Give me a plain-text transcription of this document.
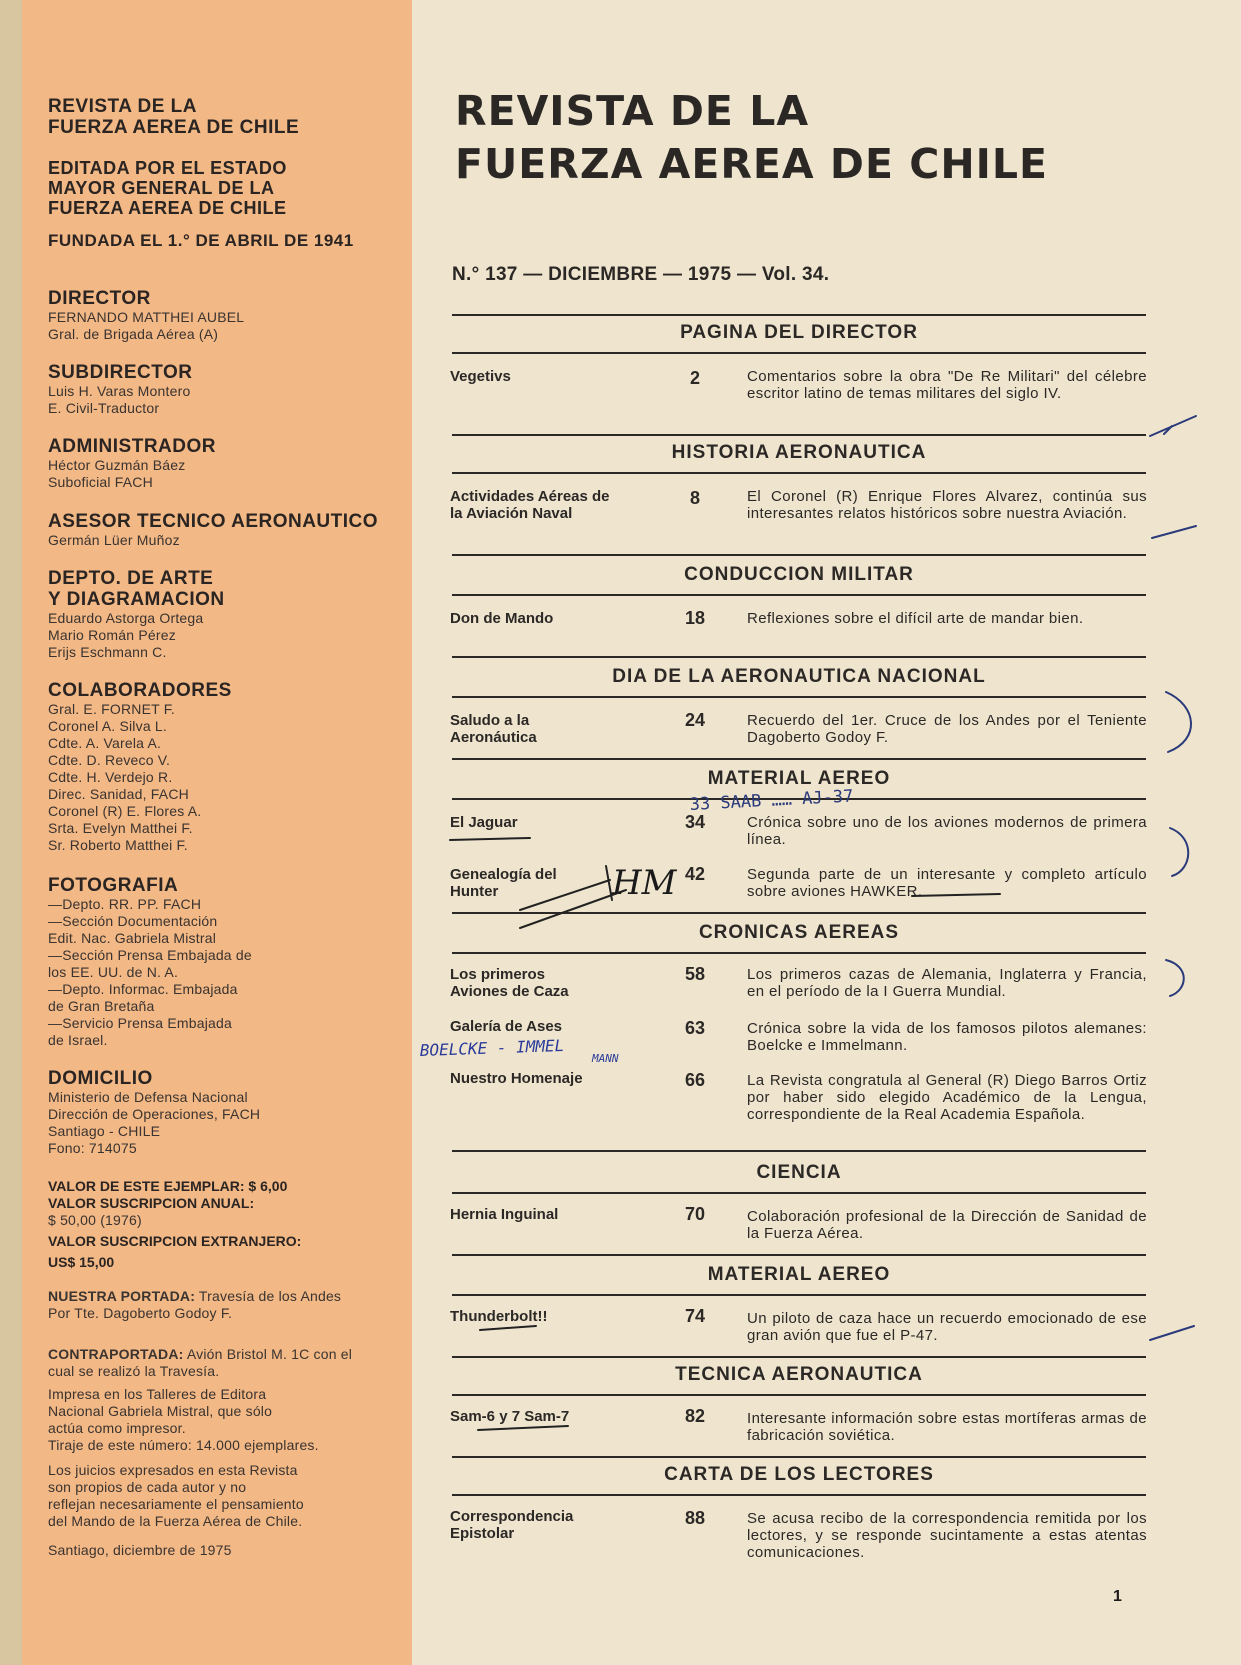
REVISTA DE LA
FUERZA AEREA DE CHILE
EDITADA POR EL ESTADO
MAYOR GENERAL DE LA
FUERZA AEREA DE CHILE
FUNDADA EL 1.° DE ABRIL DE 1941
DIRECTOR
FERNANDO MATTHEI AUBEL
Gral. de Brigada Aérea (A)
SUBDIRECTOR
Luis H. Varas Montero
E. Civil-Traductor
ADMINISTRADOR
Héctor Guzmán Báez
Suboficial FACH
ASESOR TECNICO AERONAUTICO
Germán Lüer Muñoz
DEPTO. DE ARTE
Y DIAGRAMACION
Eduardo Astorga Ortega
Mario Román Pérez
Erijs Eschmann C.
COLABORADORES
Gral. E. FORNET F.
Coronel A. Silva L.
Cdte. A. Varela A.
Cdte. D. Reveco V.
Cdte. H. Verdejo R.
Direc. Sanidad, FACH
Coronel (R) E. Flores A.
Srta. Evelyn Matthei F.
Sr. Roberto Matthei F.
FOTOGRAFIA
—Depto. RR. PP. FACH
—Sección Documentación
Edit. Nac. Gabriela Mistral
—Sección Prensa Embajada de
los EE. UU. de N. A.
—Depto. Informac. Embajada
de Gran Bretaña
—Servicio Prensa Embajada
de Israel.
DOMICILIO
Ministerio de Defensa Nacional
Dirección de Operaciones, FACH
Santiago - CHILE
Fono: 714075
VALOR DE ESTE EJEMPLAR: $ 6,00
VALOR SUSCRIPCION ANUAL:
$ 50,00 (1976)
VALOR SUSCRIPCION EXTRANJERO:
US$ 15,00
NUESTRA PORTADA: Travesía de los Andes
Por Tte. Dagoberto Godoy F.
CONTRAPORTADA: Avión Bristol M. 1C con el cual se realizó la Travesía.
Impresa en los Talleres de Editora
Nacional Gabriela Mistral, que sólo
actúa como impresor.
Tiraje de este número: 14.000 ejemplares.
Los juicios expresados en esta Revista
son propios de cada autor y no
reflejan necesariamente el pensamiento
del Mando de la Fuerza Aérea de Chile.
Santiago, diciembre de 1975
REVISTA DE LA
FUERZA AEREA DE CHILE
N.° 137 — DICIEMBRE — 1975 — Vol. 34.
PAGINA DEL DIRECTOR
Vegetivs	2	Comentarios sobre la obra "De Re Militari" del célebre escritor latino de temas militares del siglo IV.
HISTORIA AERONAUTICA
Actividades Aéreas de
la Aviación Naval
8	El Coronel (R) Enrique Flores Alvarez, continúa sus interesantes relatos históricos sobre nuestra Aviación.
CONDUCCION MILITAR
Don de Mando	18	Reflexiones sobre el difícil arte de mandar bien.
DIA DE LA AERONAUTICA NACIONAL
Saludo a la
Aeronáutica
24	Recuerdo del 1er. Cruce de los Andes por el Teniente Dagoberto Godoy F.
MATERIAL AEREO
El Jaguar	34	Crónica sobre uno de los aviones modernos de primera línea.
Genealogía del
Hunter
42	Segunda parte de un interesante y completo artículo sobre aviones HAWKER.
CRONICAS AEREAS
Los primeros
Aviones de Caza
58	Los primeros cazas de Alemania, Inglaterra y Francia, en el período de la I Guerra Mundial.
Galería de Ases	63	Crónica sobre la vida de los famosos pilotos alemanes: Boelcke e Immelmann.
Nuestro Homenaje	66	La Revista congratula al General (R) Diego Barros Ortiz por haber sido elegido Académico de la Lengua, correspondiente de la Real Academia Española.
CIENCIA
Hernia Inguinal	70	Colaboración profesional de la Dirección de Sanidad de la Fuerza Aérea.
MATERIAL AEREO
Thunderbolt!!	74	Un piloto de caza hace un recuerdo emocionado de ese gran avión que fue el P-47.
TECNICA AERONAUTICA
Sam-6 y 7 Sam-7	82	Interesante información sobre estas mortíferas armas de fabricación soviética.
CARTA DE LOS LECTORES
Correspondencia
Epistolar
88	Se acusa recibo de la correspondencia remitida por los lectores, y se responde sucintamente a estas atentas comunicaciones.
1
33 SAAB …… AJ-37
HM
BOELCKE - IMMEL MANN
